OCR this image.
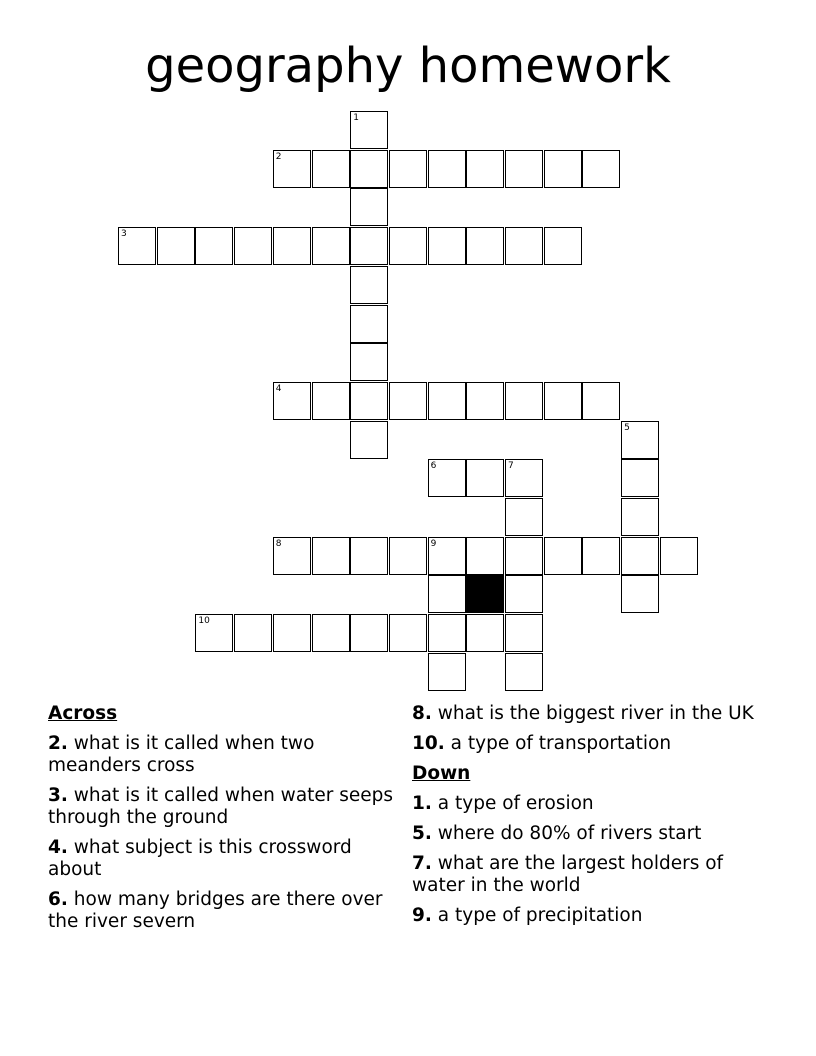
geography homework
1
2
3
4
5
6	7
8	9
10
Across
2. what is it called when two meanders cross
3. what is it called when water seeps through the ground
4. what subject is this crossword about
6. how many bridges are there over the river severn
8. what is the biggest river in the UK
10. a type of transportation
Down
1. a type of erosion
5. where do 80% of rivers start
7. what are the largest holders of water in the world
9. a type of precipitation
